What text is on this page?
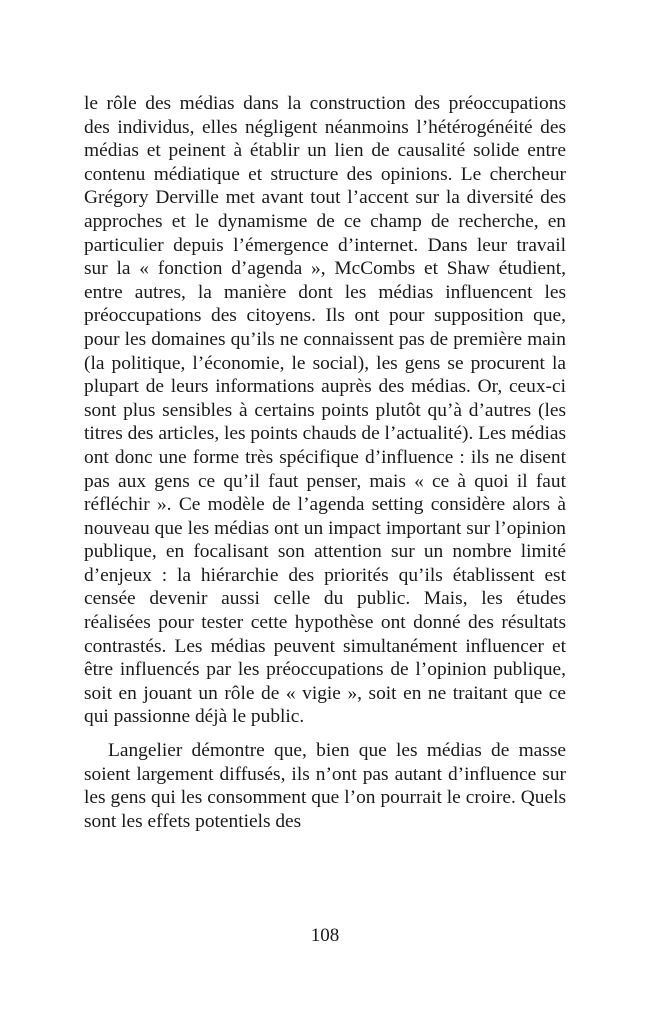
le rôle des médias dans la construction des préoccupations des individus, elles négligent néanmoins l’hétérogénéité des médias et peinent à établir un lien de causalité solide entre contenu médiatique et structure des opinions. Le chercheur Grégory Derville met avant tout l’accent sur la diversité des approches et le dynamisme de ce champ de recherche, en particulier depuis l’émergence d’internet. Dans leur travail sur la « fonction d’agenda », McCombs et Shaw étudient, entre autres, la manière dont les médias influencent les préoccupations des citoyens. Ils ont pour supposition que, pour les domaines qu’ils ne connaissent pas de première main (la politique, l’économie, le social), les gens se procurent la plupart de leurs informations auprès des médias. Or, ceux-ci sont plus sensibles à certains points plutôt qu’à d’autres (les titres des articles, les points chauds de l’actualité). Les médias ont donc une forme très spécifique d’influence : ils ne disent pas aux gens ce qu’il faut penser, mais « ce à quoi il faut réfléchir ». Ce modèle de l’agenda setting considère alors à nouveau que les médias ont un impact important sur l’opinion publique, en focalisant son attention sur un nombre limité d’enjeux : la hiérarchie des priorités qu’ils établissent est censée devenir aussi celle du public. Mais, les études réalisées pour tester cette hypothèse ont donné des résultats contrastés. Les médias peuvent simultanément influencer et être influencés par les préoccupations de l’opinion publique, soit en jouant un rôle de « vigie », soit en ne traitant que ce qui passionne déjà le public.

Langelier démontre que, bien que les médias de masse soient largement diffusés, ils n’ont pas autant d’influence sur les gens qui les consomment que l’on pourrait le croire. Quels sont les effets potentiels des

108
